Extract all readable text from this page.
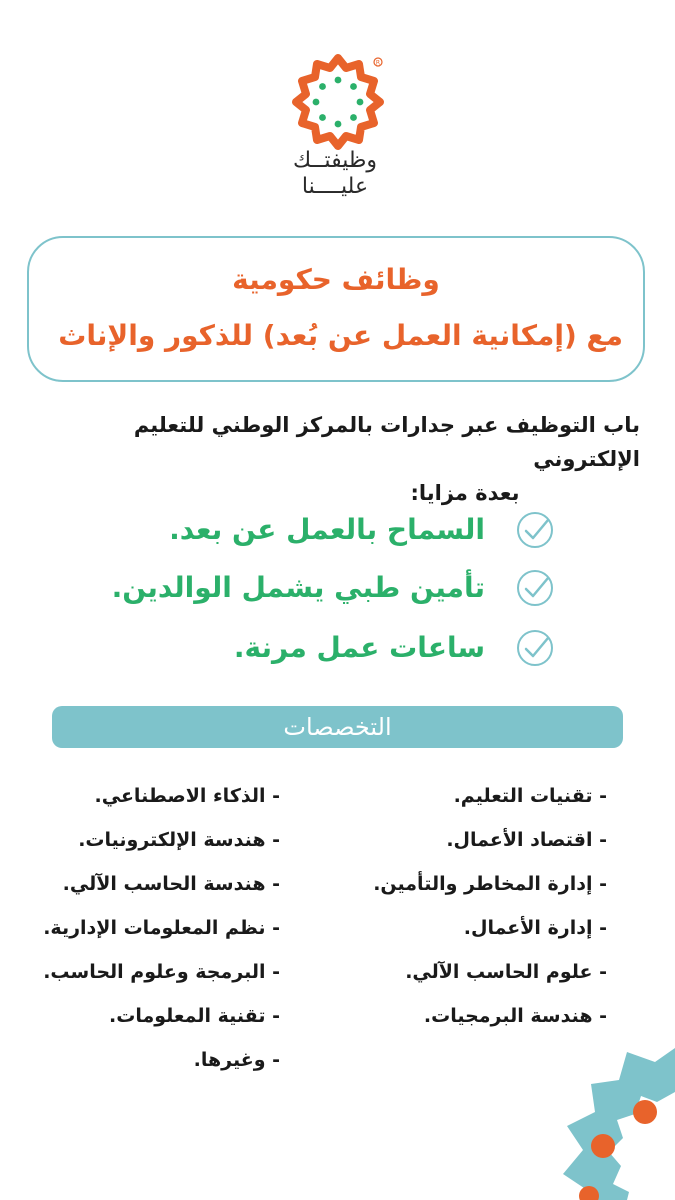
R
وظيفتــك
عليــــنا
وظائف حكومية
مع (إمكانية العمل عن بُعد) للذكور والإناث
باب التوظيف عبر جدارات بالمركز الوطني للتعليم الإلكتروني
بعدة مزايا:
السماح بالعمل عن بعد.
تأمين طبي يشمل الوالدين.
ساعات عمل مرنة.
التخصصات
- تقنيات التعليم.
- اقتصاد الأعمال.
- إدارة المخاطر والتأمين.
- إدارة الأعمال.
- علوم الحاسب الآلي.
- هندسة البرمجيات.
- الذكاء الاصطناعي.
- هندسة الإلكترونيات.
- هندسة الحاسب الآلي.
- نظم المعلومات الإدارية.
- البرمجة وعلوم الحاسب.
- تقنية المعلومات.
- وغيرها.
